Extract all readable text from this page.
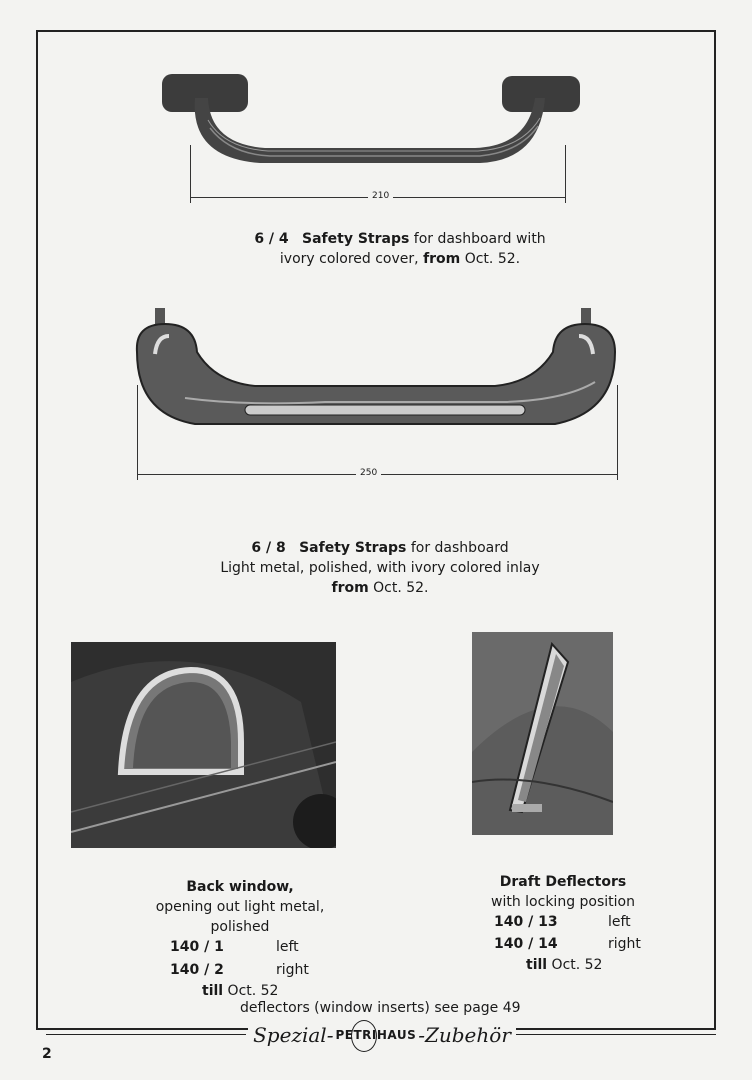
210
6 / 4 Safety Straps for dashboard with
ivory colored cover, from Oct. 52.
250
6 / 8 Safety Straps for dashboard
Light metal, polished, with ivory colored inlay
from Oct. 52.
Back window,
opening out light metal,
polished
140 / 1	left
140 / 2	right
till Oct. 52
Draft Deflectors
with locking position
140 / 13	left
140 / 14	right
till Oct. 52
deflectors (window inserts) see page 49
Spezial- PETRI HAUS -Zubehör
2
